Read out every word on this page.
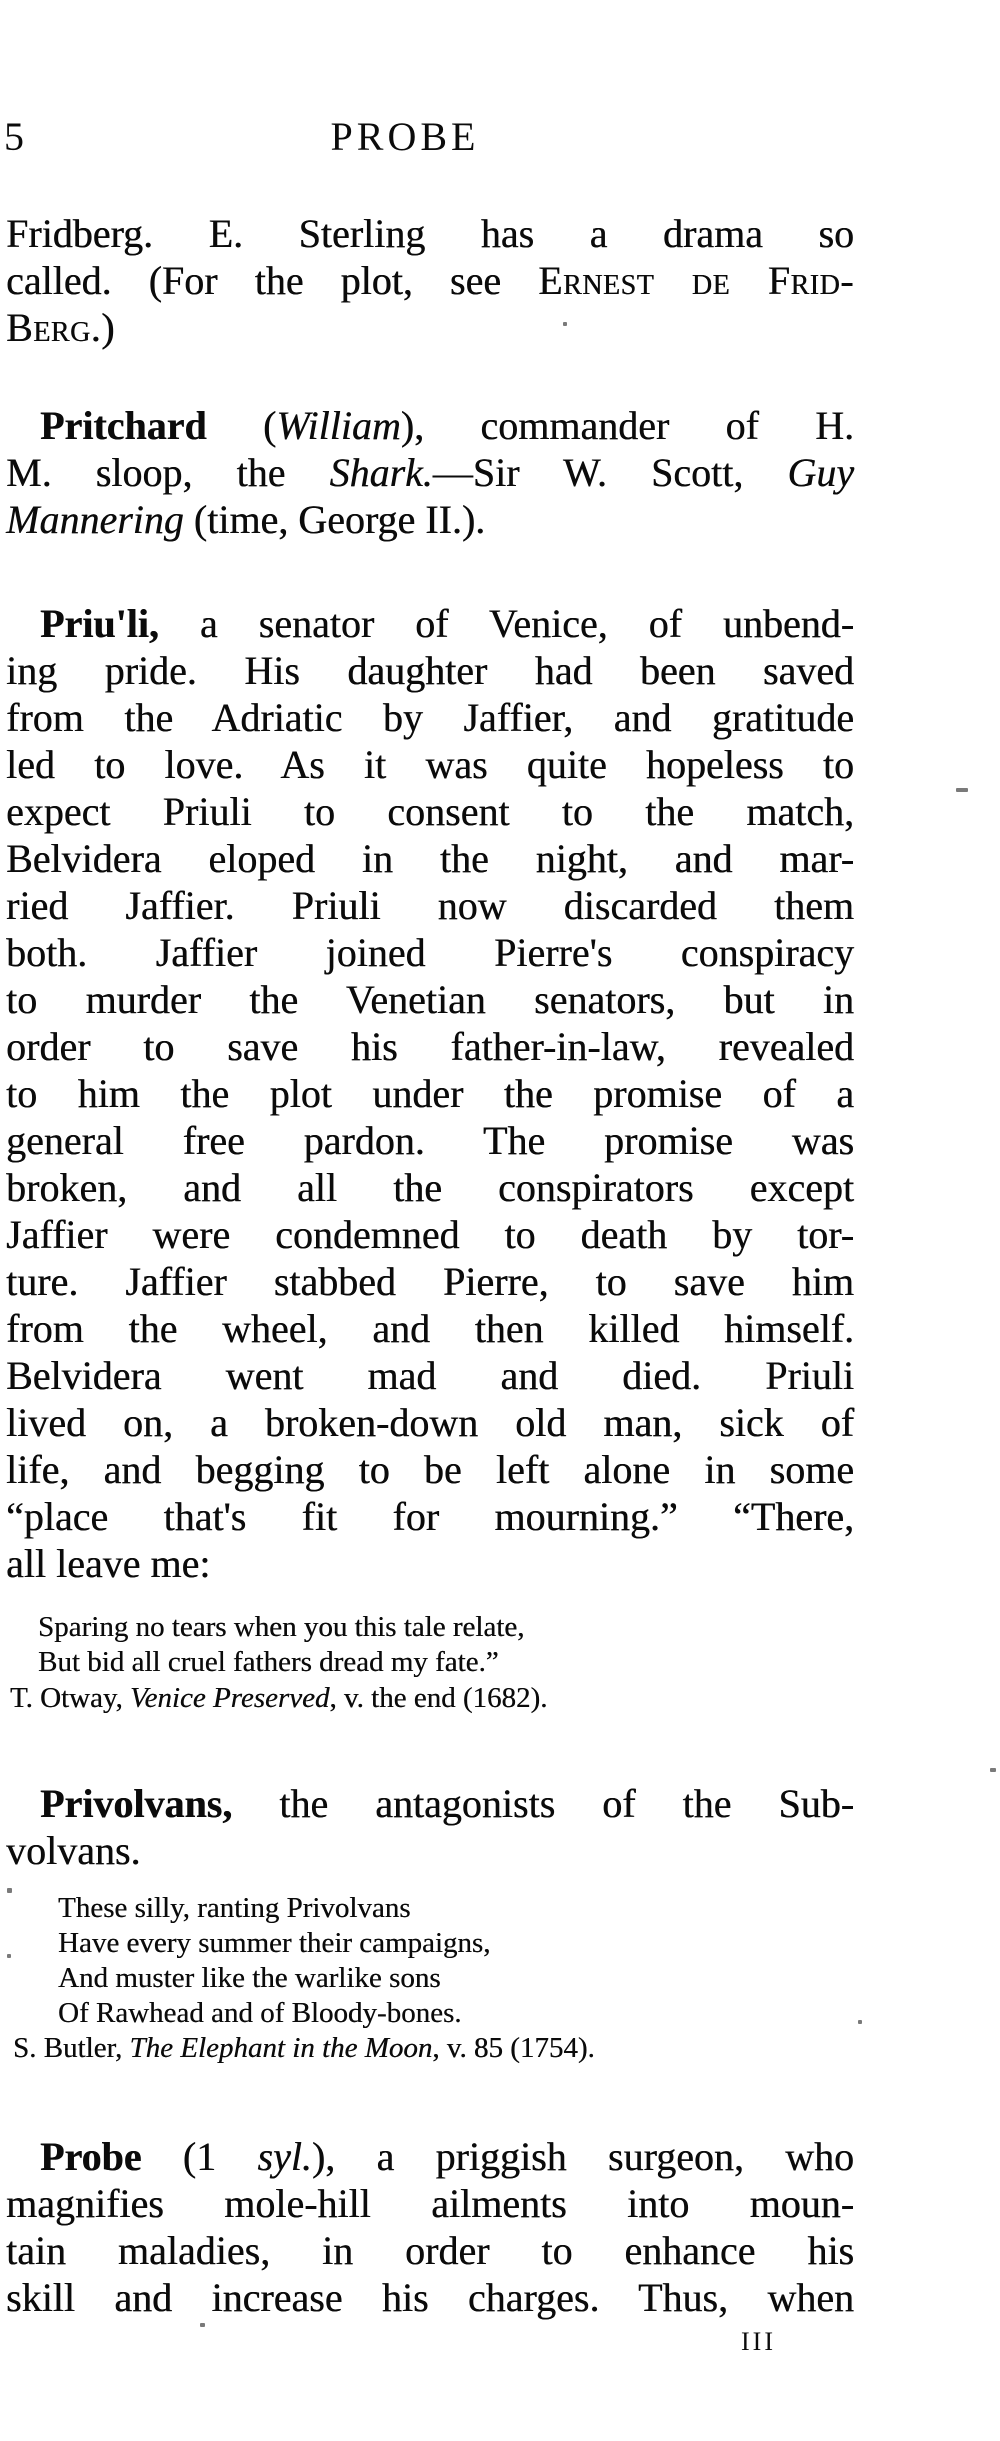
5	PROBE
III
Fridberg. E. Sterling has a drama so
called. (For the plot, see Ernest de Frid-
Berg.)
Pritchard (William), commander of H.
M. sloop, the Shark.—Sir W. Scott, Guy
Mannering (time, George II.).
Priu'li, a senator of Venice, of unbend-
ing pride. His daughter had been saved
from the Adriatic by Jaffier, and gratitude
led to love. As it was quite hopeless to
expect Priuli to consent to the match,
Belvidera eloped in the night, and mar-
ried Jaffier. Priuli now discarded them
both. Jaffier joined Pierre's conspiracy
to murder the Venetian senators, but in
order to save his father-in-law, revealed
to him the plot under the promise of a
general free pardon. The promise was
broken, and all the conspirators except
Jaffier were condemned to death by tor-
ture. Jaffier stabbed Pierre, to save him
from the wheel, and then killed himself.
Belvidera went mad and died. Priuli
lived on, a broken-down old man, sick of
life, and begging to be left alone in some
“place that's fit for mourning.” “There,
all leave me:
Sparing no tears when you this tale relate,
But bid all cruel fathers dread my fate.”
T. Otway, Venice Preserved, v. the end (1682).
Privolvans, the antagonists of the Sub-
volvans.
These silly, ranting Privolvans
Have every summer their campaigns,
And muster like the warlike sons
Of Rawhead and of Bloody-bones.
S. Butler, The Elephant in the Moon, v. 85 (1754).
Probe (1 syl.), a priggish surgeon, who
magnifies mole-hill ailments into moun-
tain maladies, in order to enhance his
skill and increase his charges. Thus, when
